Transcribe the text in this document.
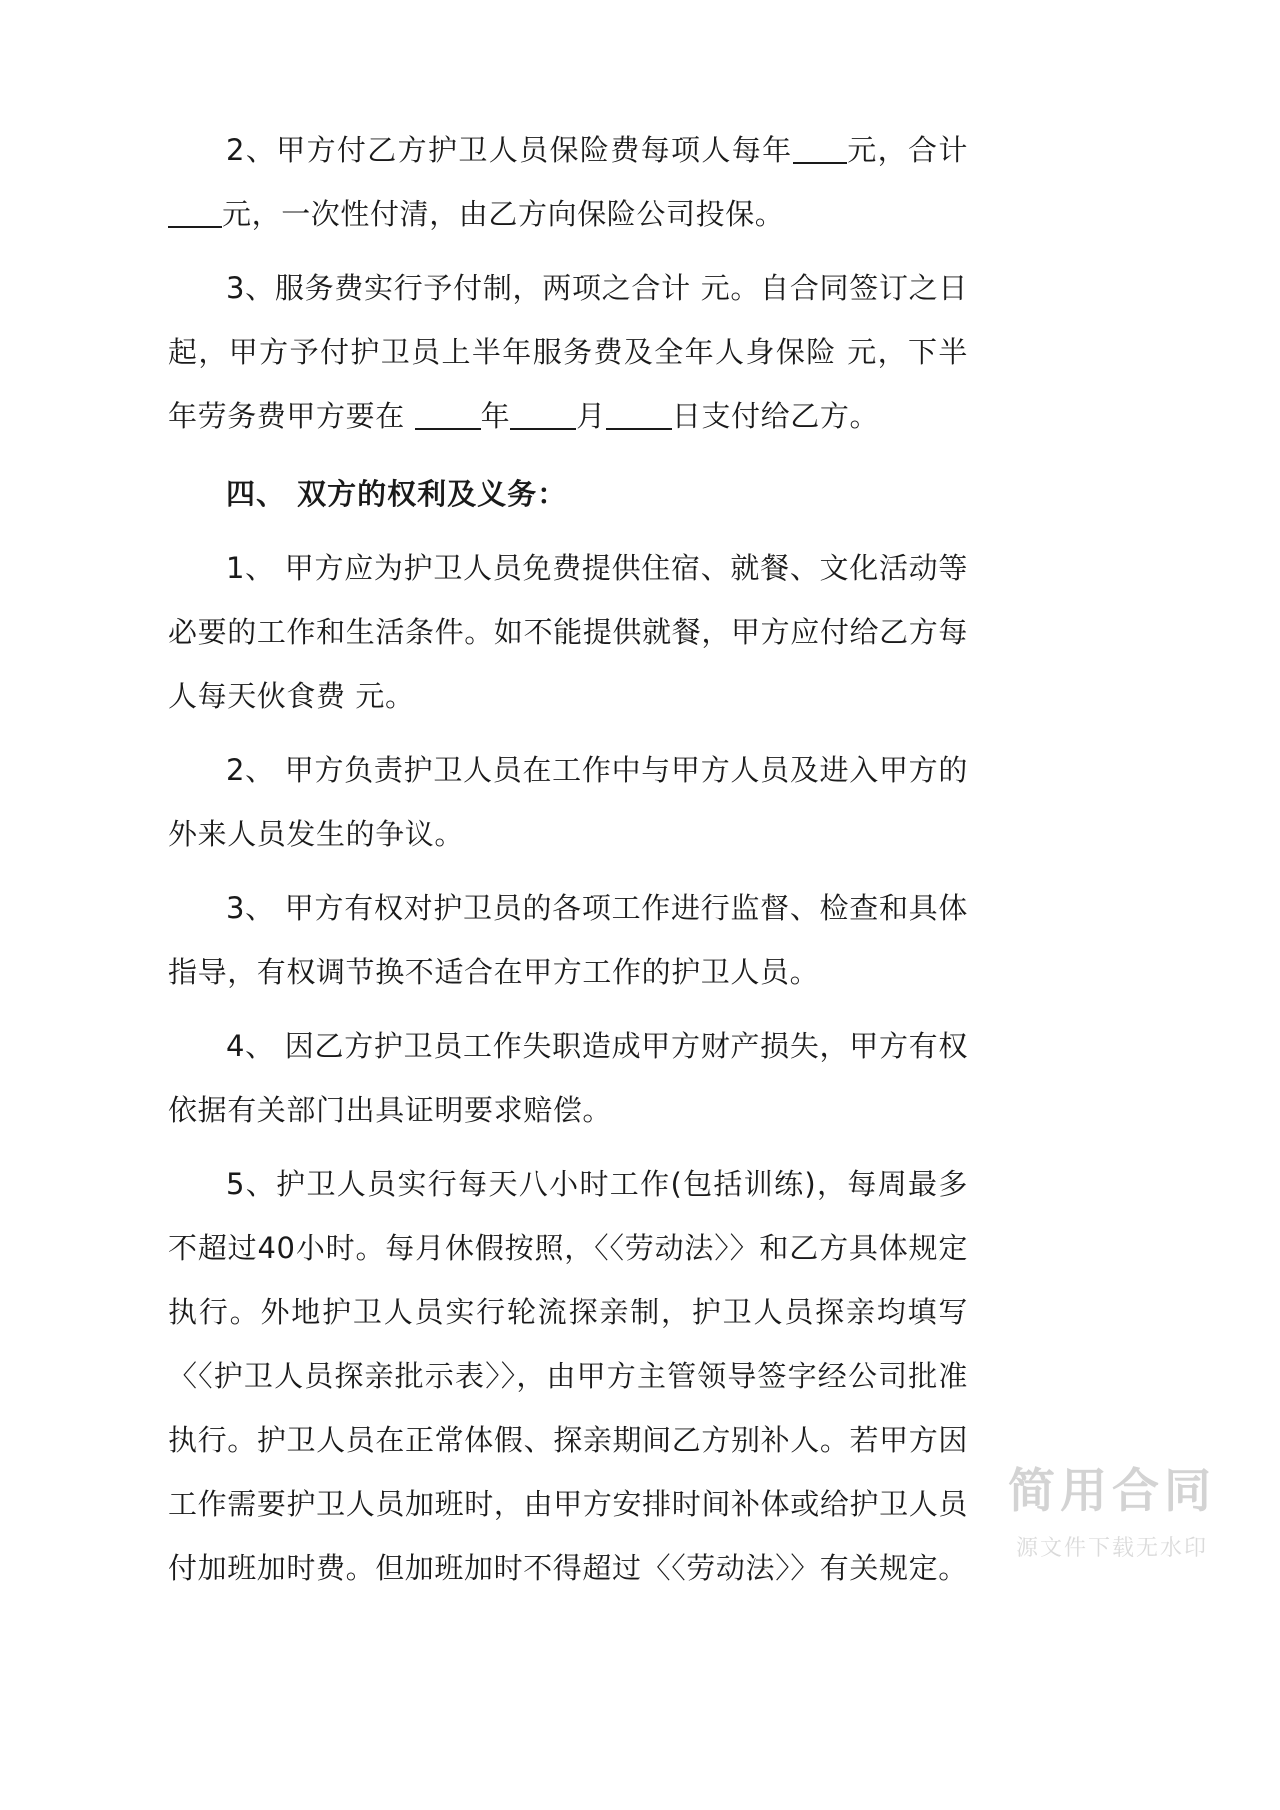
2、甲方付乙方护卫人员保险费每项人每年 元，合计元，一次性付清，由乙方向保险公司投保。

3、服务费实行予付制，两项之合计 元。自合同签订之日起，甲方予付护卫员上半年服务费及全年人身保险 元，下半年劳务费甲方要在 年 月 日支付给乙方。

四、 双方的权利及义务：

1、 甲方应为护卫人员免费提供住宿、就餐、文化活动等必要的工作和生活条件。如不能提供就餐，甲方应付给乙方每人每天伙食费 元。

2、 甲方负责护卫人员在工作中与甲方人员及进入甲方的外来人员发生的争议。

3、 甲方有权对护卫员的各项工作进行监督、检查和具体指导，有权调节换不适合在甲方工作的护卫人员。

4、 因乙方护卫员工作失职造成甲方财产损失，甲方有权依据有关部门出具证明要求赔偿。

5、护卫人员实行每天八小时工作(包括训练)，每周最多不超过40小时。每月休假按照，〈〈劳动法〉〉和乙方具体规定执行。外地护卫人员实行轮流探亲制，护卫人员探亲均填写〈〈护卫人员探亲批示表〉〉，由甲方主管领导签字经公司批准执行。护卫人员在正常体假、探亲期间乙方别补人。若甲方因工作需要护卫人员加班时，由甲方安排时间补体或给护卫人员付加班加时费。但加班加时不得超过〈〈劳动法〉〉有关规定。

简用合同
源文件下载无水印
